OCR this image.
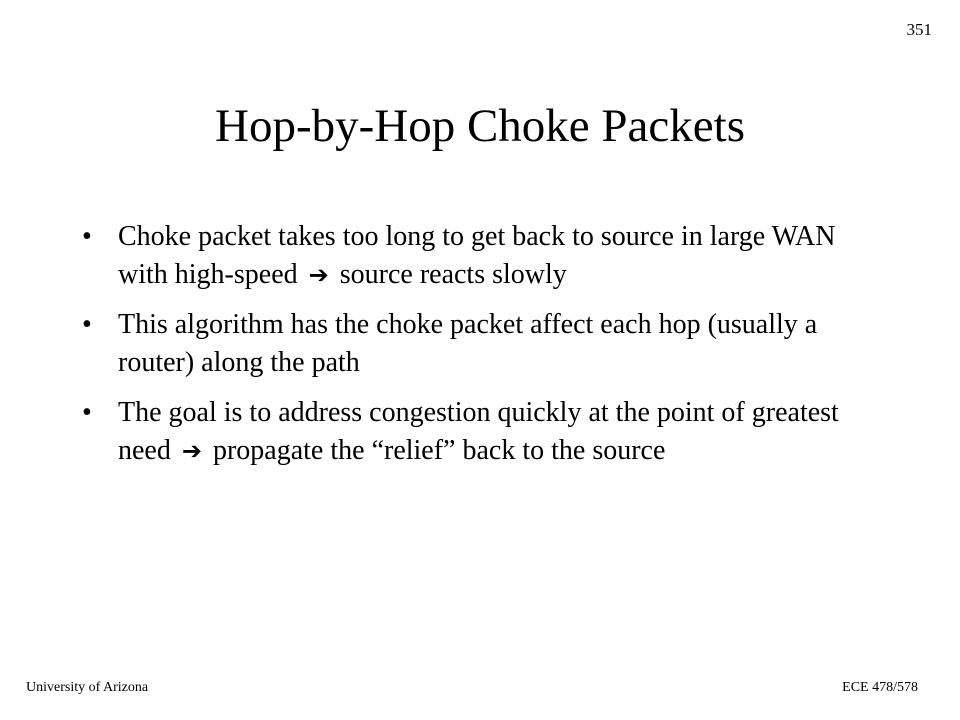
351
Hop-by-Hop Choke Packets
• Choke packet takes too long to get back to source in large WAN with high-speed ➔ source reacts slowly
• This algorithm has the choke packet affect each hop (usually a router) along the path
• The goal is to address congestion quickly at the point of greatest need ➔ propagate the “relief” back to the source
University of Arizona	ECE 478/578
